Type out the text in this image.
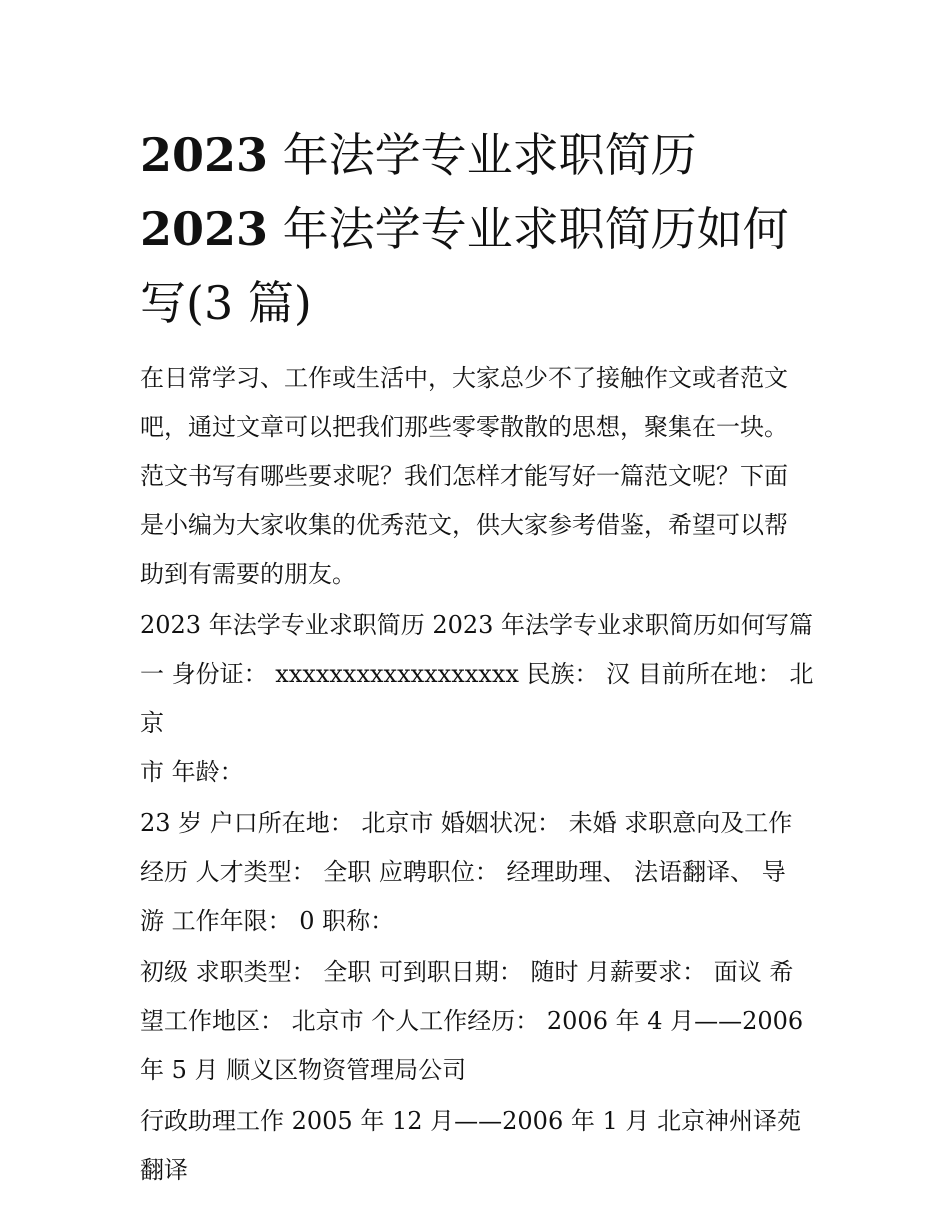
2023 年法学专业求职简历
2023 年法学专业求职简历如何
写(3 篇)
在日常学习、工作或生活中，大家总少不了接触作文或者范文
吧，通过文章可以把我们那些零零散散的思想，聚集在一块。
范文书写有哪些要求呢？我们怎样才能写好一篇范文呢？下面
是小编为大家收集的优秀范文，供大家参考借鉴，希望可以帮
助到有需要的朋友。
2023 年法学专业求职简历 2023 年法学专业求职简历如何写篇
一 身份证： xxxxxxxxxxxxxxxxxx 民族： 汉 目前所在地： 北京
市 年龄：
23 岁 户口所在地： 北京市 婚姻状况： 未婚 求职意向及工作
经历 人才类型： 全职 应聘职位： 经理助理、 法语翻译、 导
游 工作年限： 0 职称：
初级 求职类型： 全职 可到职日期： 随时 月薪要求： 面议 希
望工作地区： 北京市 个人工作经历： 2006 年 4 月——2006
年 5 月 顺义区物资管理局公司
行政助理工作 2005 年 12 月——2006 年 1 月 北京神州译苑翻译
